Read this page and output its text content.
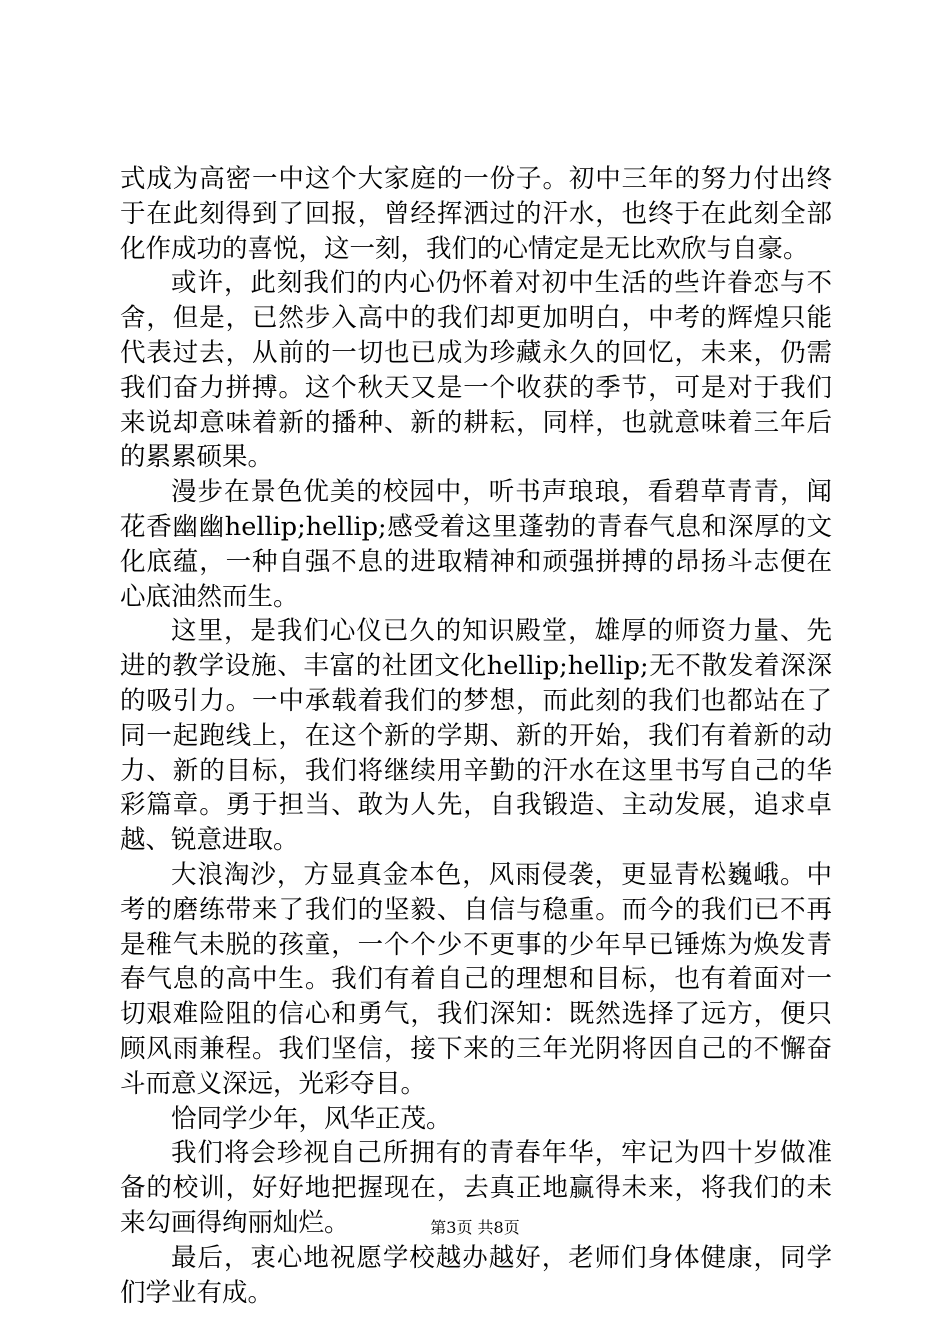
式成为高密一中这个大家庭的一份子。初中三年的努力付出终于在此刻得到了回报，曾经挥洒过的汗水，也终于在此刻全部化作成功的喜悦，这一刻，我们的心情定是无比欢欣与自豪。

或许，此刻我们的内心仍怀着对初中生活的些许眷恋与不舍，但是，已然步入高中的我们却更加明白，中考的辉煌只能代表过去，从前的一切也已成为珍藏永久的回忆，未来，仍需我们奋力拼搏。这个秋天又是一个收获的季节，可是对于我们来说却意味着新的播种、新的耕耘，同样，也就意味着三年后的累累硕果。

漫步在景色优美的校园中，听书声琅琅，看碧草青青，闻花香幽幽hellip;hellip;感受着这里蓬勃的青春气息和深厚的文化底蕴，一种自强不息的进取精神和顽强拼搏的昂扬斗志便在心底油然而生。

这里，是我们心仪已久的知识殿堂，雄厚的师资力量、先进的教学设施、丰富的社团文化hellip;hellip;无不散发着深深的吸引力。一中承载着我们的梦想，而此刻的我们也都站在了同一起跑线上，在这个新的学期、新的开始，我们有着新的动力、新的目标，我们将继续用辛勤的汗水在这里书写自己的华彩篇章。勇于担当、敢为人先，自我锻造、主动发展，追求卓越、锐意进取。

大浪淘沙，方显真金本色，风雨侵袭，更显青松巍峨。中考的磨练带来了我们的坚毅、自信与稳重。而今的我们已不再是稚气未脱的孩童，一个个少不更事的少年早已锤炼为焕发青春气息的高中生。我们有着自己的理想和目标，也有着面对一切艰难险阻的信心和勇气，我们深知：既然选择了远方，便只顾风雨兼程。我们坚信，接下来的三年光阴将因自己的不懈奋斗而意义深远，光彩夺目。

恰同学少年，风华正茂。

我们将会珍视自己所拥有的青春年华，牢记为四十岁做准备的校训，好好地把握现在，去真正地赢得未来，将我们的未来勾画得绚丽灿烂。

最后，衷心地祝愿学校越办越好，老师们身体健康，同学们学业有成。

第3页 共8页
